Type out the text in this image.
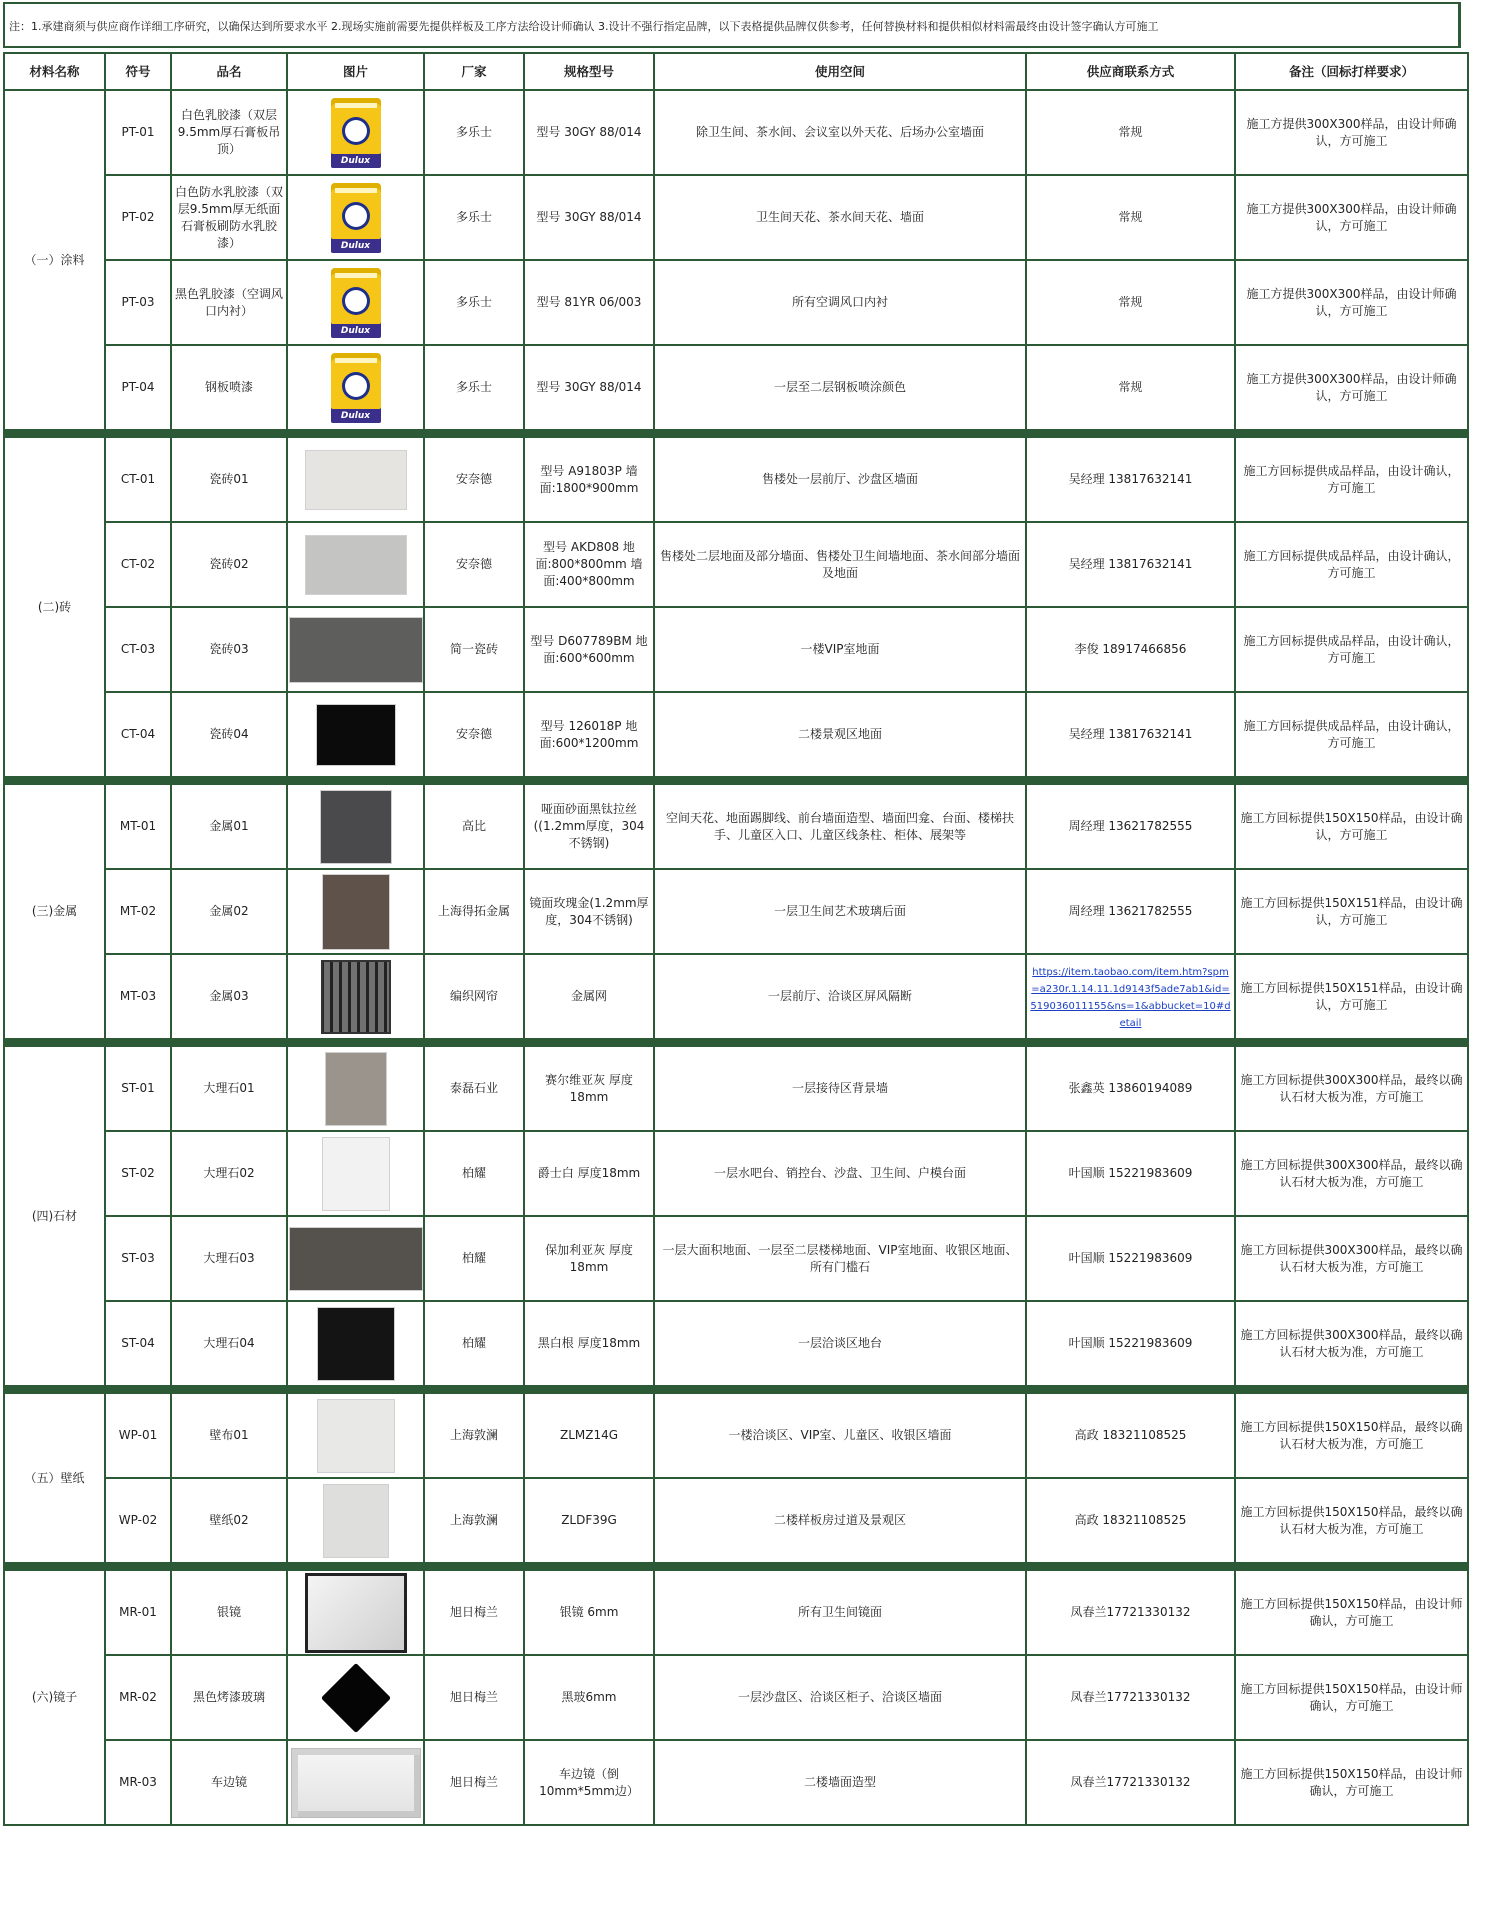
注：1.承建商须与供应商作详细工序研究，以确保达到所要求水平 2.现场实施前需要先提供样板及工序方法给设计师确认 3.设计不强行指定品牌，以下表格提供品牌仅供参考，任何替换材料和提供相似材料需最终由设计签字确认方可施工
材料名称	符号	品名	图片	厂家	规格型号	使用空间	供应商联系方式	备注（回标打样要求）
（一）涂料	PT-01	白色乳胶漆（双层9.5mm厚石膏板吊顶）	Dulux	多乐士	型号 30GY 88/014	除卫生间、茶水间、会议室以外天花、后场办公室墙面	常规	施工方提供300X300样品，由设计师确认，方可施工
	PT-02	白色防水乳胶漆（双层9.5mm厚无纸面石膏板刷防水乳胶漆）	Dulux	多乐士	型号 30GY 88/014	卫生间天花、茶水间天花、墙面	常规	施工方提供300X300样品，由设计师确认，方可施工
	PT-03	黑色乳胶漆（空调风口内衬）	Dulux	多乐士	型号 81YR 06/003	所有空调风口内衬	常规	施工方提供300X300样品，由设计师确认，方可施工
	PT-04	钢板喷漆	Dulux	多乐士	型号 30GY 88/014	一层至二层钢板喷涂颜色	常规	施工方提供300X300样品，由设计师确认，方可施工

(二)砖	CT-01	瓷砖01		安奈德	型号 A91803P 墙面:1800*900mm	售楼处一层前厅、沙盘区墙面	吴经理 13817632141	施工方回标提供成品样品，由设计确认，方可施工
	CT-02	瓷砖02		安奈德	型号 AKD808 地面:800*800mm 墙面:400*800mm	售楼处二层地面及部分墙面、售楼处卫生间墙地面、茶水间部分墙面及地面	吴经理 13817632141	施工方回标提供成品样品，由设计确认，方可施工
	CT-03	瓷砖03		简一瓷砖	型号 D607789BM 地面:600*600mm	一楼VIP室地面	李俊 18917466856	施工方回标提供成品样品，由设计确认，方可施工
	CT-04	瓷砖04		安奈德	型号 126018P 地面:600*1200mm	二楼景观区地面	吴经理 13817632141	施工方回标提供成品样品，由设计确认，方可施工

(三)金属	MT-01	金属01		高比	哑面砂面黑钛拉丝((1.2mm厚度，304不锈钢)	空间天花、地面踢脚线、前台墙面造型、墙面凹龛、台面、楼梯扶手、儿童区入口、儿童区线条柱、柜体、展架等	周经理 13621782555	施工方回标提供150X150样品，由设计确认，方可施工
	MT-02	金属02		上海得拓金属	镜面玫瑰金(1.2mm厚度，304不锈钢)	一层卫生间艺术玻璃后面	周经理 13621782555	施工方回标提供150X151样品，由设计确认，方可施工
	MT-03	金属03		编织网帘	金属网	一层前厅、洽谈区屏风隔断	https://item.taobao.com/item.htm?spm=a230r.1.14.11.1d9143f5ade7ab1&id=519036011155&ns=1&abbucket=10#detail	施工方回标提供150X151样品，由设计确认，方可施工

(四)石材	ST-01	大理石01		泰磊石业	赛尔维亚灰 厚度18mm	一层接待区背景墙	张鑫英 13860194089	施工方回标提供300X300样品，最终以确认石材大板为准，方可施工
	ST-02	大理石02		柏耀	爵士白 厚度18mm	一层水吧台、销控台、沙盘、卫生间、户模台面	叶国顺 15221983609	施工方回标提供300X300样品，最终以确认石材大板为准，方可施工
	ST-03	大理石03		柏耀	保加利亚灰 厚度18mm	一层大面积地面、一层至二层楼梯地面、VIP室地面、收银区地面、所有门槛石	叶国顺 15221983609	施工方回标提供300X300样品，最终以确认石材大板为准，方可施工
	ST-04	大理石04		柏耀	黑白根 厚度18mm	一层洽谈区地台	叶国顺 15221983609	施工方回标提供300X300样品，最终以确认石材大板为准，方可施工

（五）壁纸	WP-01	壁布01		上海敦澜	ZLMZ14G	一楼洽谈区、VIP室、儿童区、收银区墙面	高政 18321108525	施工方回标提供150X150样品，最终以确认石材大板为准，方可施工
	WP-02	壁纸02		上海敦澜	ZLDF39G	二楼样板房过道及景观区	高政 18321108525	施工方回标提供150X150样品，最终以确认石材大板为准，方可施工

(六)镜子	MR-01	银镜		旭日梅兰	银镜 6mm	所有卫生间镜面	凤春兰17721330132	施工方回标提供150X150样品，由设计师确认，方可施工
	MR-02	黑色烤漆玻璃		旭日梅兰	黑玻6mm	一层沙盘区、洽谈区柜子、洽谈区墙面	凤春兰17721330132	施工方回标提供150X150样品，由设计师确认，方可施工
	MR-03	车边镜		旭日梅兰	车边镜（倒10mm*5mm边）	二楼墙面造型	凤春兰17721330132	施工方回标提供150X150样品，由设计师确认，方可施工
